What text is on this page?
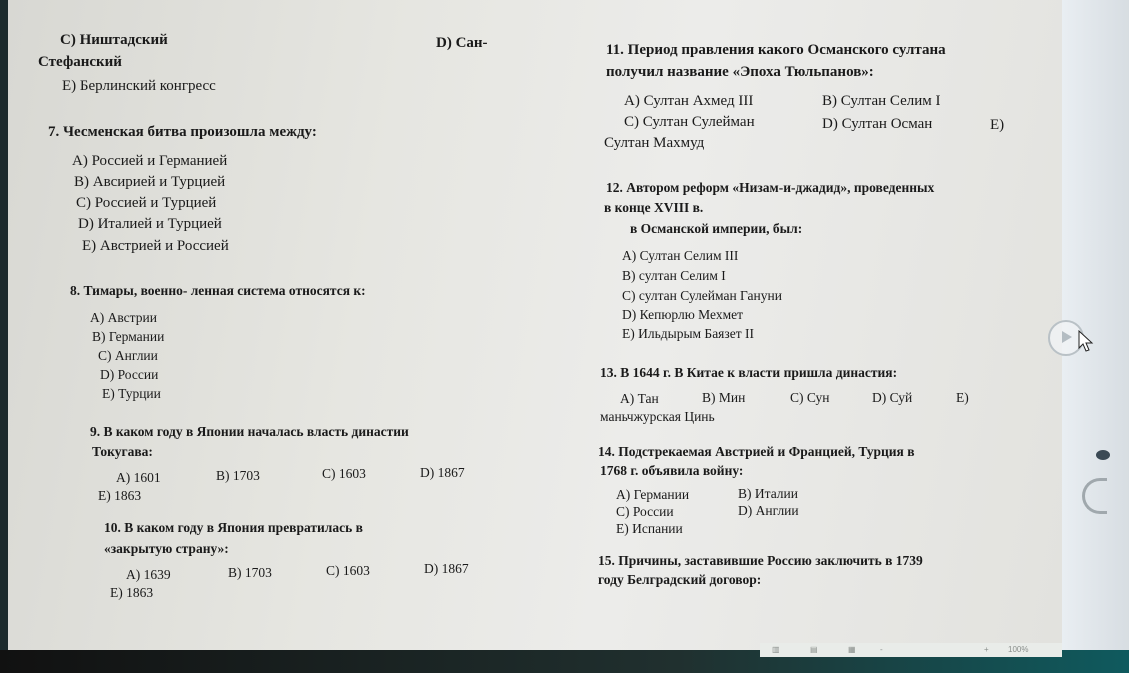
C) Ништадский	D) Сан-
Стефанский
E) Берлинский конгресс
7. Чесменская битва произошла между:
A) Россией и Германией
B) Авсирией и Турцией
C) Россией и Турцией
D) Италией и Турцией
E) Австрией и Россией
8. Тимары, военно- ленная система относятся к:
A) Австрии
B) Германии
C) Англии
D) России
E) Турции
9. В каком году в Японии началась власть династии
Токугава:
A) 1601	B) 1703	C) 1603	D) 1867
E) 1863
10. В каком году в Япония превратилась в
«закрытую страну»:
A) 1639	B) 1703	C) 1603	D) 1867
E) 1863
11. Период правления какого Османского султана
получил название «Эпоха Тюльпанов»:
A) Султан Ахмед III	B) Султан Селим I
C) Султан Сулейман	D) Султан Осман	E)
Султан Махмуд
12. Автором реформ «Низам-и-джадид», проведенных
в конце XVIII в.
в Османской империи, был:
A) Султан Селим III
B) султан Селим I
C) султан Сулейман Гануни
D) Кепюрлю Мехмет
E) Ильдырым Баязет II
13. В 1644 г. В Китае к власти пришла династия:
A) Тан	B) Мин	C) Сун	D) Суй	E)
маньчжурская Цинь
14. Подстрекаемая Австрией и Францией, Турция в
1768 г. объявила войну:
A) Германии	B) Италии
C) России	D) Англии
E) Испании
15. Причины, заставившие Россию заключить в 1739
году Белградский договор:
▥	▤	▦	-	+ 100%
